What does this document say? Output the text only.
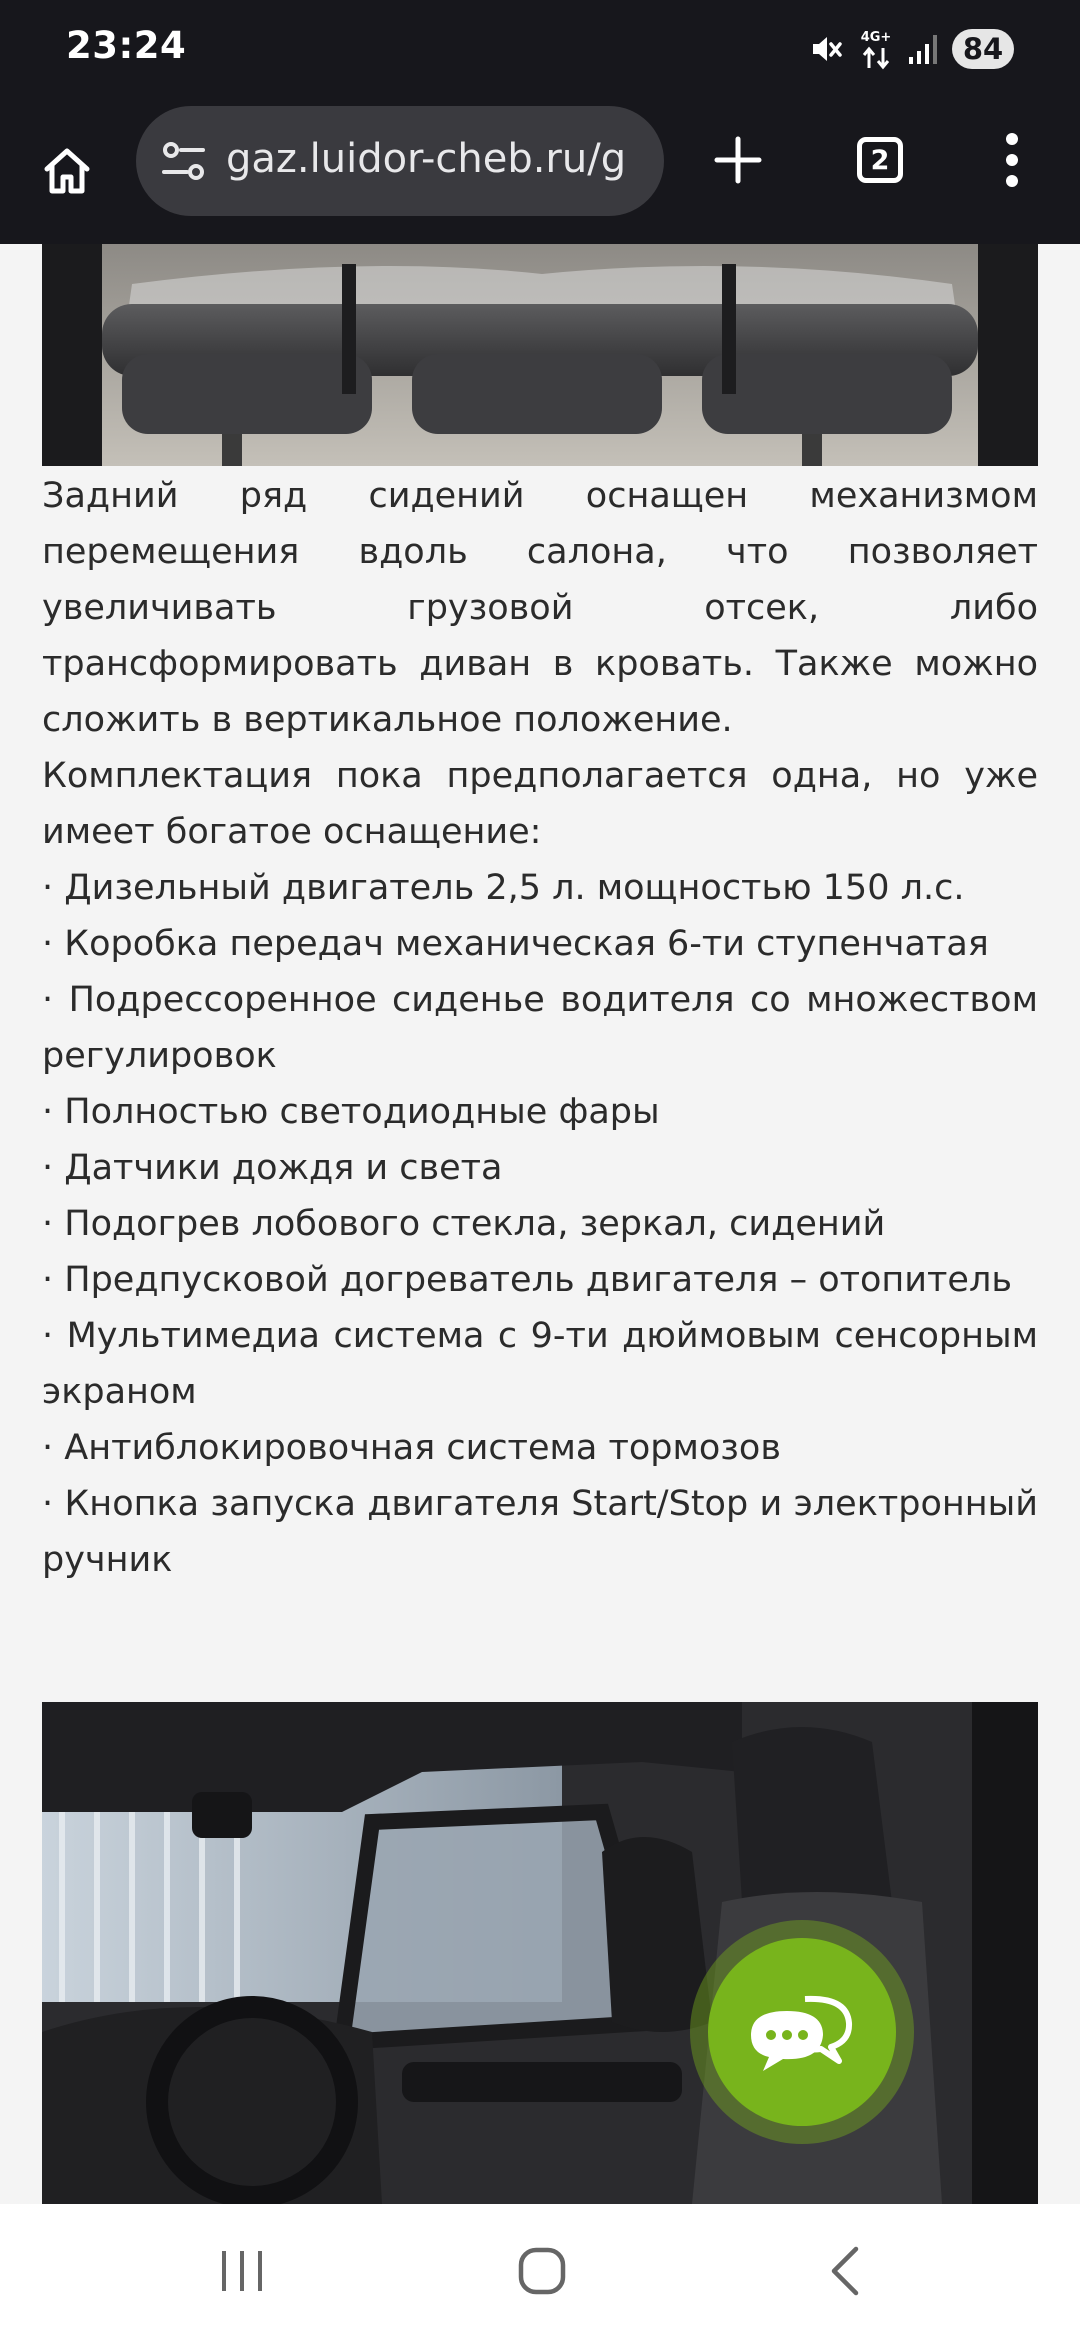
23:24	4G+	84
gaz.luidor-cheb.ru/g	2

Задний ряд сидений оснащен механизмом перемещения вдоль салона, что позволяет увеличивать грузовой отсек, либо трансформировать диван в кровать. Также можно сложить в вертикальное положение.

Комплектация пока предполагается одна, но уже имеет богатое оснащение:

· Дизельный двигатель 2,5 л. мощностью 150 л.с.

· Коробка передач механическая 6-ти ступенчатая

· Подрессоренное сиденье водителя со множеством регулировок

· Полностью светодиодные фары

· Датчики дождя и света

· Подогрев лобового стекла, зеркал, сидений

· Предпусковой догреватель двигателя – отопитель

· Мультимедиа система с 9-ти дюймовым сенсорным экраном

· Антиблокировочная система тормозов

· Кнопка запуска двигателя Start/Stop и электронный ручник
